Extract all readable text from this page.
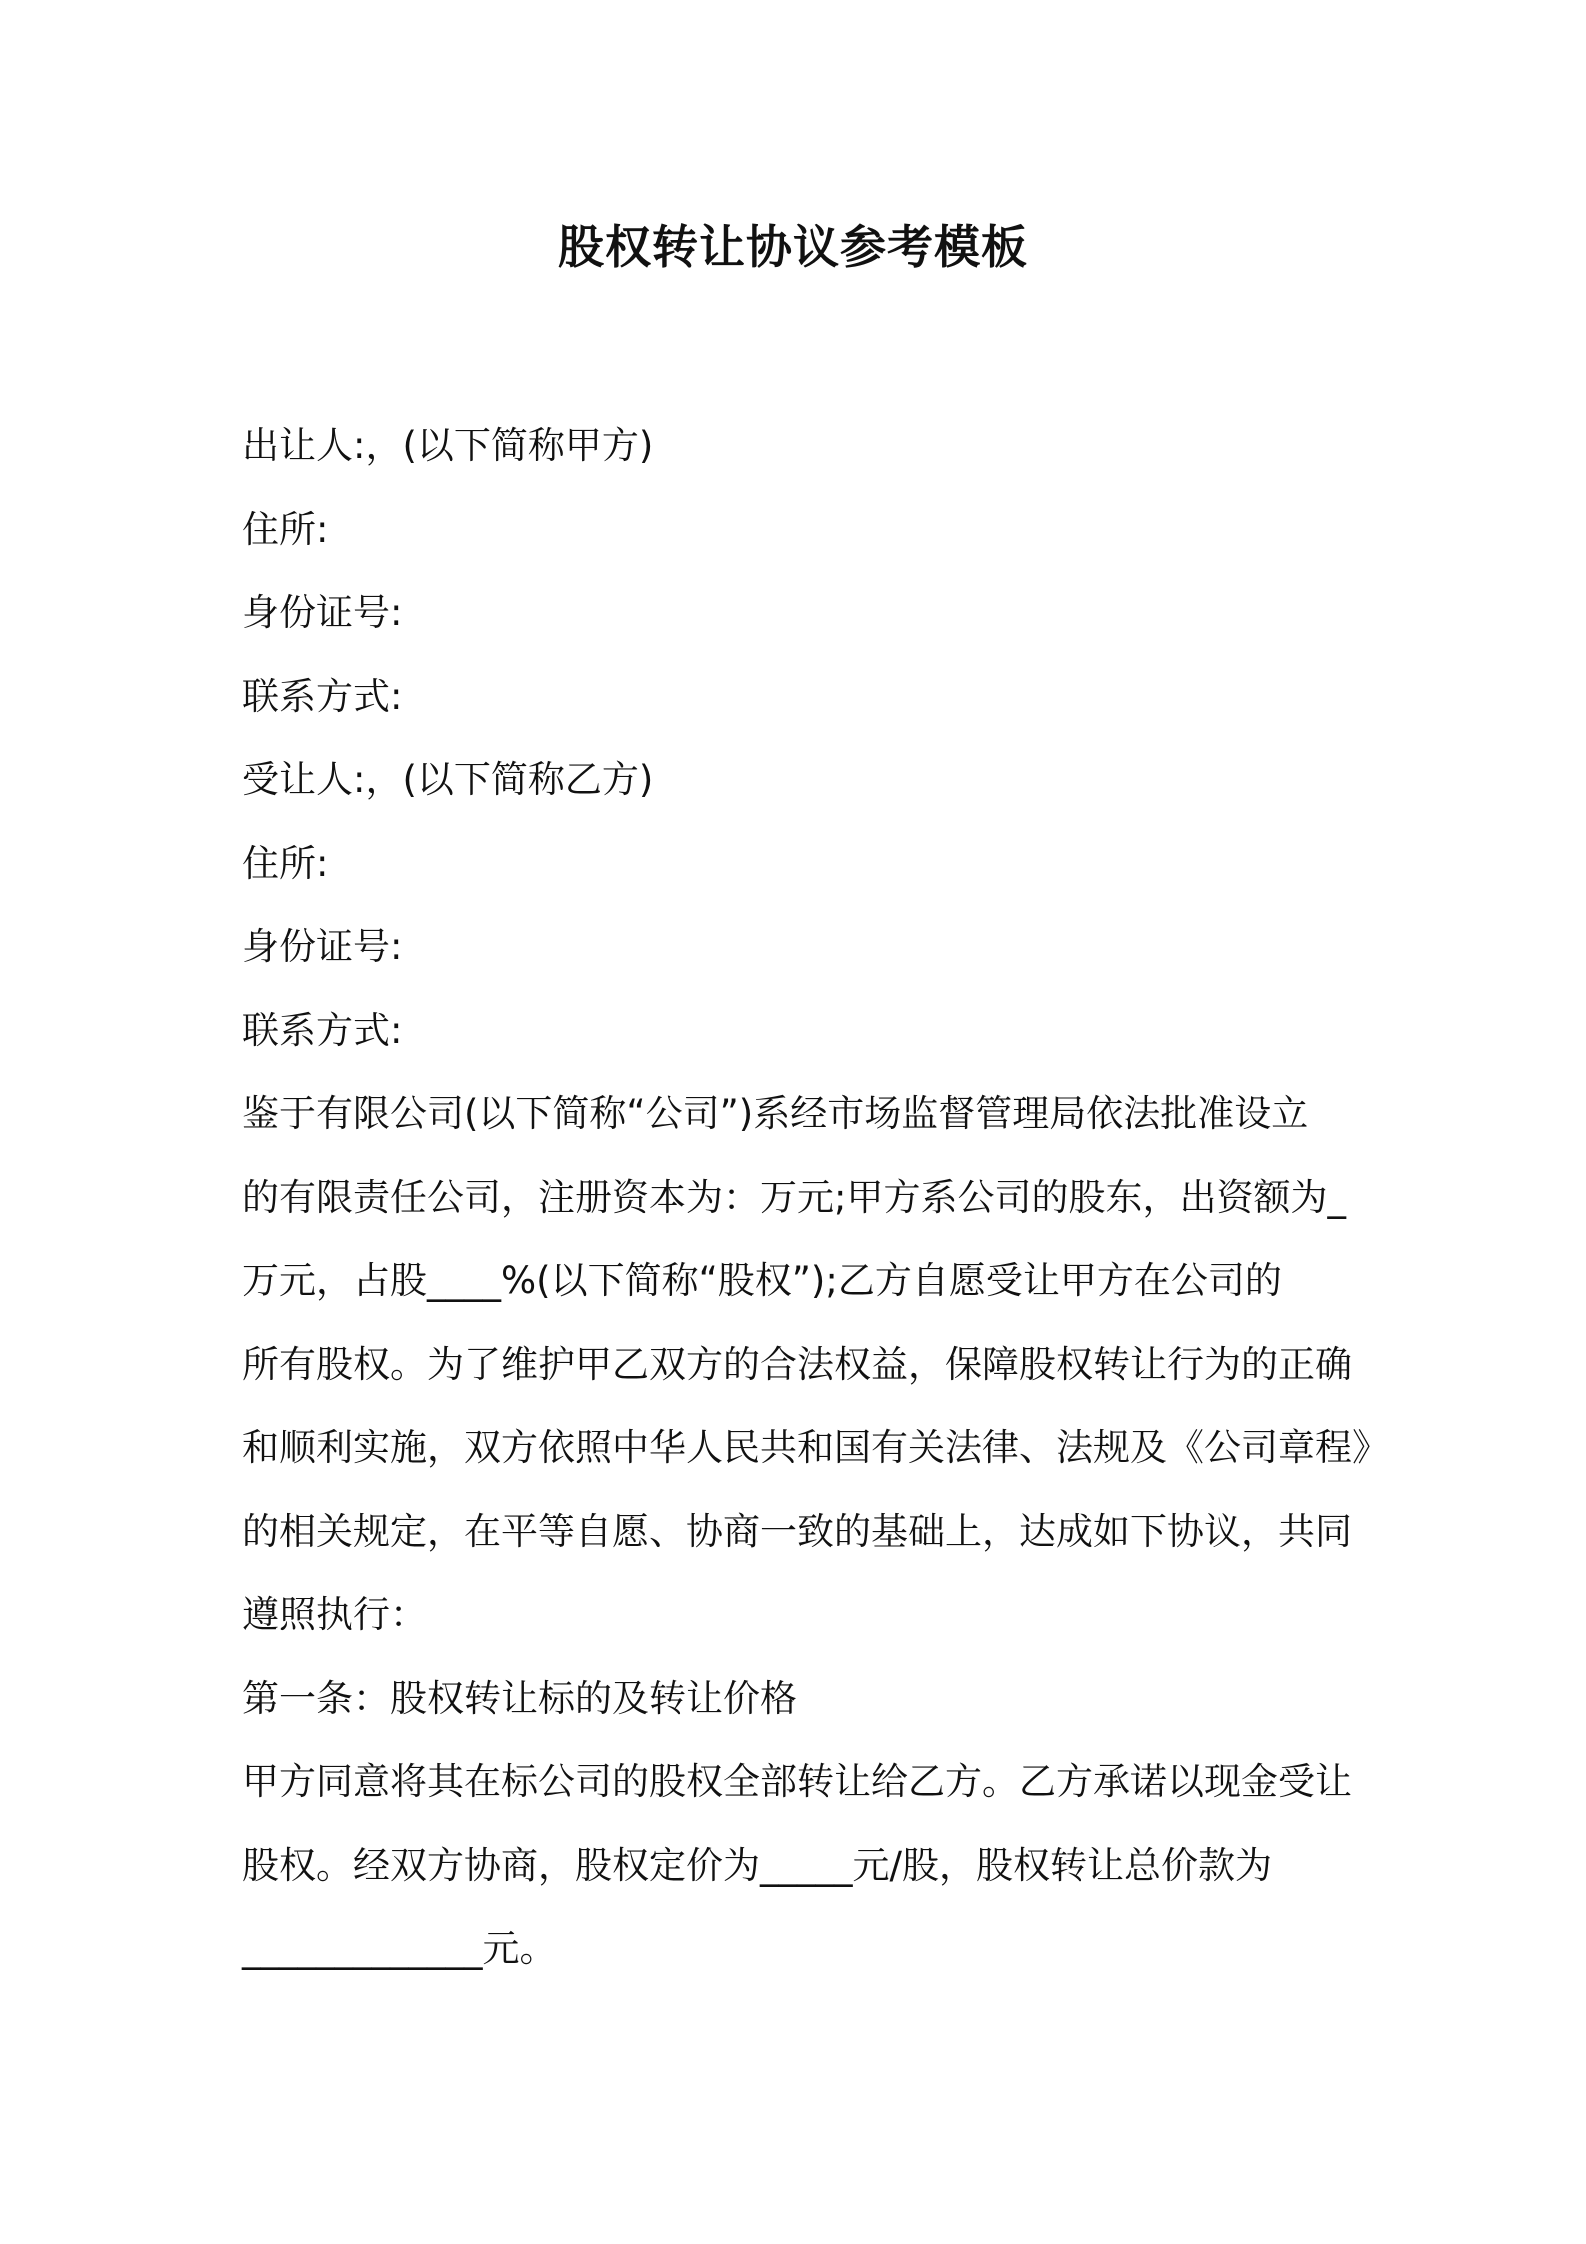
股权转让协议参考模板
出让人:，(以下简称甲方)
住所:
身份证号:
联系方式:
受让人:，(以下简称乙方)
住所:
身份证号:
联系方式:
鉴于有限公司(以下简称“公司”)系经市场监督管理局依法批准设立
的有限责任公司，注册资本为：万元;甲方系公司的股东，出资额为_
万元，占股____%(以下简称“股权”);乙方自愿受让甲方在公司的
所有股权。为了维护甲乙双方的合法权益，保障股权转让行为的正确
和顺利实施，双方依照中华人民共和国有关法律、法规及《公司章程》
的相关规定，在平等自愿、协商一致的基础上，达成如下协议，共同
遵照执行：
第一条：股权转让标的及转让价格
甲方同意将其在标公司的股权全部转让给乙方。乙方承诺以现金受让
股权。经双方协商，股权定价为_____元/股，股权转让总价款为
_____________元。
